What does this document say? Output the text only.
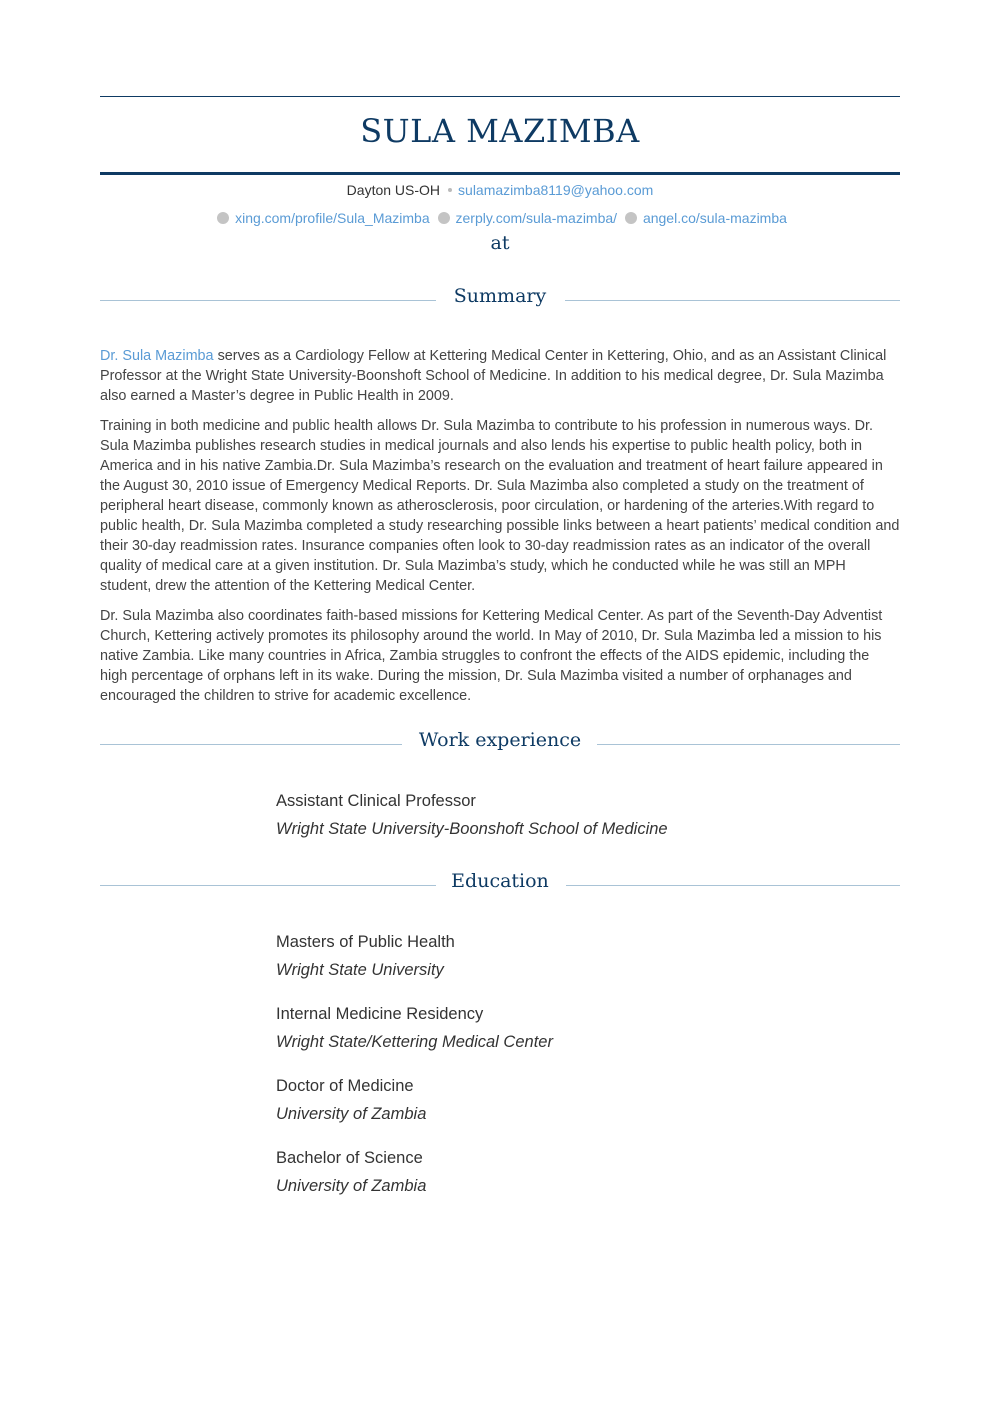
SULA MAZIMBA
Dayton US-OH sulamazimba8119@yahoo.com
xing.com/profile/Sula_Mazimba zerply.com/sula-mazimba/ angel.co/sula-mazimba
at
Summary

Dr. Sula Mazimba serves as a Cardiology Fellow at Kettering Medical Center in Kettering, Ohio, and as an Assistant Clinical Professor at the Wright State University-Boonshoft School of Medicine. In addition to his medical degree, Dr. Sula Mazimba also earned a Master’s degree in Public Health in 2009.

Training in both medicine and public health allows Dr. Sula Mazimba to contribute to his profession in numerous ways. Dr. Sula Mazimba publishes research studies in medical journals and also lends his expertise to public health policy, both in America and in his native Zambia.Dr. Sula Mazimba’s research on the evaluation and treatment of heart failure appeared in the August 30, 2010 issue of Emergency Medical Reports. Dr. Sula Mazimba also completed a study on the treatment of peripheral heart disease, commonly known as atherosclerosis, poor circulation, or hardening of the arteries.With regard to public health, Dr. Sula Mazimba completed a study researching possible links between a heart patients’ medical condition and their 30-day readmission rates. Insurance companies often look to 30-day readmission rates as an indicator of the overall quality of medical care at a given institution. Dr. Sula Mazimba’s study, which he conducted while he was still an MPH student, drew the attention of the Kettering Medical Center.

Dr. Sula Mazimba also coordinates faith-based missions for Kettering Medical Center. As part of the Seventh-Day Adventist Church, Kettering actively promotes its philosophy around the world. In May of 2010, Dr. Sula Mazimba led a mission to his native Zambia. Like many countries in Africa, Zambia struggles to confront the effects of the AIDS epidemic, including the high percentage of orphans left in its wake. During the mission, Dr. Sula Mazimba visited a number of orphanages and encouraged the children to strive for academic excellence.

Work experience
Assistant Clinical Professor
Wright State University-Boonshoft School of Medicine
Education
Masters of Public Health
Wright State University
Internal Medicine Residency
Wright State/Kettering Medical Center
Doctor of Medicine
University of Zambia
Bachelor of Science
University of Zambia
